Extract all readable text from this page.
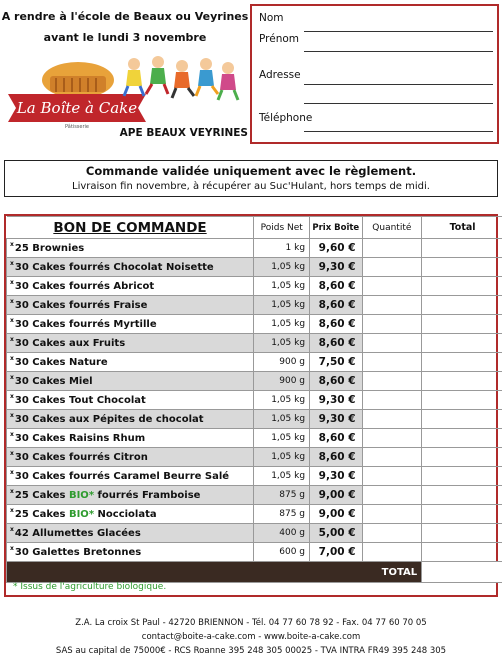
A rendre à l'école de Beaux ou Veyrines
avant le lundi 3 novembre
La Boîte à Cake
Pâtisserie	APE BEAUX VEYRINES
Nom
Prénom
Adresse
Téléphone
Commande validée uniquement avec le règlement.
Livraison fin novembre, à récupérer au Suc'Hulant, hors temps de midi.
BON DE COMMANDE	Poids Net	Prix Boîte	Quantité	Total
$^x$25 Brownies	1 kg	9,60 €		
$^x$30 Cakes fourrés Chocolat Noisette	1,05 kg	9,30 €		
$^x$30 Cakes fourrés Abricot	1,05 kg	8,60 €		
$^x$30 Cakes fourrés Fraise	1,05 kg	8,60 €		
$^x$30 Cakes fourrés Myrtille	1,05 kg	8,60 €		
$^x$30 Cakes aux Fruits	1,05 kg	8,60 €		
$^x$30 Cakes Nature	900 g	7,50 €		
$^x$30 Cakes Miel	900 g	8,60 €		
$^x$30 Cakes Tout Chocolat	1,05 kg	9,30 €		
$^x$30 Cakes aux Pépites de chocolat	1,05 kg	9,30 €		
$^x$30 Cakes Raisins Rhum	1,05 kg	8,60 €		
$^x$30 Cakes fourrés Citron	1,05 kg	8,60 €		
$^x$30 Cakes fourrés Caramel Beurre Salé	1,05 kg	9,30 €		
$^x$25 Cakes BIO* fourrés Framboise	875 g	9,00 €		
$^x$25 Cakes BIO* Nocciolata	875 g	9,00 €		
$^x$42 Allumettes Glacées	400 g	5,00 €		
$^x$30 Galettes Bretonnes	600 g	7,00 €		
TOTAL				
* Issus de l'agriculture biologique.
Z.A. La croix St Paul - 42720 BRIENNON - Tél. 04 77 60 78 92 - Fax. 04 77 60 70 05
contact@boite-a-cake.com - www.boite-a-cake.com
SAS au capital de 75000€ - RCS Roanne 395 248 305 00025 - TVA INTRA FR49 395 248 305
